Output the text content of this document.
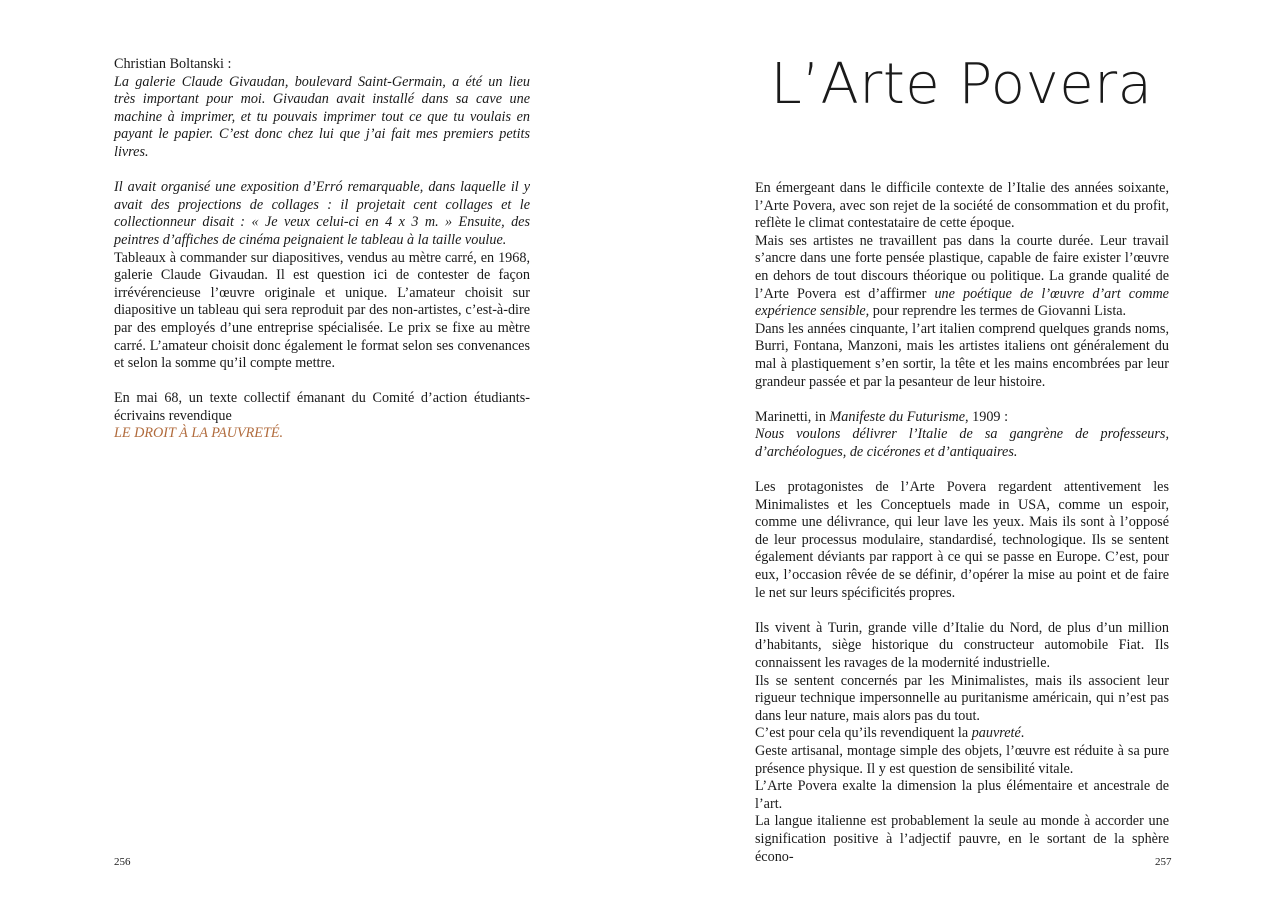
Christian Boltanski :

La galerie Claude Givaudan, boulevard Saint-Germain, a été un lieu très important pour moi. Givaudan avait installé dans sa cave une machine à imprimer, et tu pouvais imprimer tout ce que tu voulais en payant le papier. C’est donc chez lui que j’ai fait mes premiers petits livres.

Il avait organisé une exposition d’Erró remarquable, dans laquelle il y avait des projections de collages : il projetait cent collages et le collectionneur disait : « Je veux celui-ci en 4 x 3 m. » Ensuite, des peintres d’affiches de cinéma peignaient le tableau à la taille voulue.

Tableaux à commander sur diapositives, vendus au mètre carré, en 1968, galerie Claude Givaudan. Il est question ici de contester de façon irrévérencieuse l’œuvre originale et unique. L’amateur choisit sur diapositive un tableau qui sera reproduit par des non-artistes, c’est-à-dire par des employés d’une entreprise spécialisée. Le prix se fixe au mètre carré. L’amateur choisit donc également le format selon ses convenances et selon la somme qu’il compte mettre.

En mai 68, un texte collectif émanant du Comité d’action étudiants-écrivains revendique

LE DROIT À LA PAUVRETÉ.

256
L’Arte Povera

En émergeant dans le difficile contexte de l’Italie des années soixante, l’Arte Povera, avec son rejet de la société de consommation et du profit, reflète le climat contestataire de cette époque.

Mais ses artistes ne travaillent pas dans la courte durée. Leur travail s’ancre dans une forte pensée plastique, capable de faire exister l’œuvre en dehors de tout discours théorique ou politique. La grande qualité de l’Arte Povera est d’affirmer une poétique de l’œuvre d’art comme expérience sensible, pour reprendre les termes de Giovanni Lista.

Dans les années cinquante, l’art italien comprend quelques grands noms, Burri, Fontana, Manzoni, mais les artistes italiens ont généralement du mal à plastiquement s’en sortir, la tête et les mains encombrées par leur grandeur passée et par la pesanteur de leur histoire.

Marinetti, in Manifeste du Futurisme, 1909 :

Nous voulons délivrer l’Italie de sa gangrène de professeurs, d’archéologues, de cicérones et d’antiquaires.

Les protagonistes de l’Arte Povera regardent attentivement les Minimalistes et les Conceptuels made in USA, comme un espoir, comme une délivrance, qui leur lave les yeux. Mais ils sont à l’opposé de leur processus modulaire, standardisé, technologique. Ils se sentent également déviants par rapport à ce qui se passe en Europe. C’est, pour eux, l’occasion rêvée de se définir, d’opérer la mise au point et de faire le net sur leurs spécificités propres.

Ils vivent à Turin, grande ville d’Italie du Nord, de plus d’un million d’habitants, siège historique du constructeur automobile Fiat. Ils connaissent les ravages de la modernité industrielle.

Ils se sentent concernés par les Minimalistes, mais ils associent leur rigueur technique impersonnelle au puritanisme américain, qui n’est pas dans leur nature, mais alors pas du tout.

C’est pour cela qu’ils revendiquent la pauvreté.

Geste artisanal, montage simple des objets, l’œuvre est réduite à sa pure présence physique. Il y est question de sensibilité vitale.

L’Arte Povera exalte la dimension la plus élémentaire et ancestrale de l’art.

La langue italienne est probablement la seule au monde à accorder une signification positive à l’adjectif pauvre, en le sortant de la sphère écono-	257
